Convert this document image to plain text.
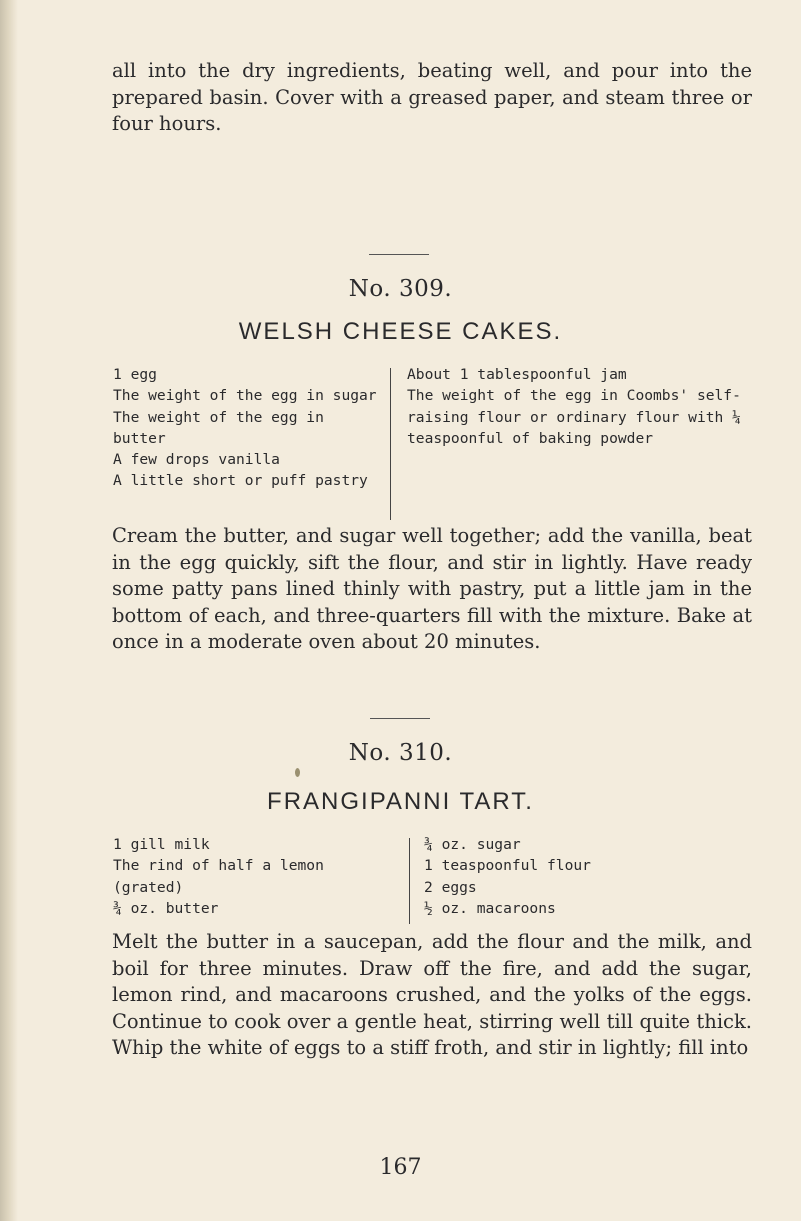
all into the dry ingredients, beating well, and pour into the prepared basin. Cover with a greased paper, and steam three or four hours.

No. 309.
WELSH CHEESE CAKES.
1 egg
The weight of the egg in sugar
The weight of the egg in butter
A few drops vanilla
A little short or puff pastry
About 1 tablespoonful jam
The weight of the egg in Coombs' self-raising flour or ordinary flour with ¼ teaspoonful of baking powder

Cream the butter, and sugar well together; add the vanilla, beat in the egg quickly, sift the flour, and stir in lightly. Have ready some patty pans lined thinly with pastry, put a little jam in the bottom of each, and three-quarters fill with the mixture. Bake at once in a moderate oven about 20 minutes.

No. 310.
FRANGIPANNI TART.
1 gill milk
The rind of half a lemon (grated)
¾ oz. butter
¾ oz. sugar
1 teaspoonful flour
2 eggs
½ oz. macaroons

Melt the butter in a saucepan, add the flour and the milk, and boil for three minutes. Draw off the fire, and add the sugar, lemon rind, and macaroons crushed, and the yolks of the eggs. Continue to cook over a gentle heat, stirring well till quite thick. Whip the white of eggs to a stiff froth, and stir in lightly; fill into

167
